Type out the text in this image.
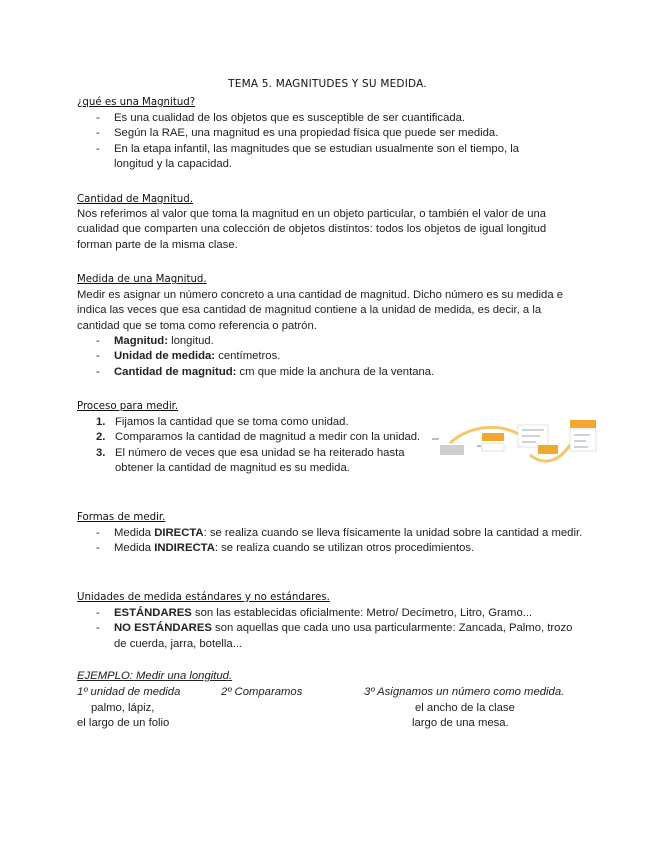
TEMA 5. MAGNITUDES Y SU MEDIDA.
¿qué es una Magnitud?
- Es una cualidad de los objetos que es susceptible de ser cuantificada.
- Según la RAE, una magnitud es una propiedad física que puede ser medida.
- En la etapa infantil, las magnitudes que se estudian usualmente son el tiempo, la longitud y la capacidad.
Cantidad de Magnitud.
Nos referimos al valor que toma la magnitud en un objeto particular, o también el valor de una cualidad que comparten una colección de objetos distintos: todos los objetos de igual longitud forman parte de la misma clase.
Medida de una Magnitud.
Medir es asignar un número concreto a una cantidad de magnitud. Dicho número es su medida e indica las veces que esa cantidad de magnitud contiene a la unidad de medida, es decir, a la cantidad que se toma como referencia o patrón.
- Magnitud: longitud.
- Unidad de medida: centímetros.
- Cantidad de magnitud: cm que mide la anchura de la ventana.
Proceso para medir.
1. Fijamos la cantidad que se toma como unidad.
2. Comparamos la cantidad de magnitud a medir con la unidad.
3. El número de veces que esa unidad se ha reiterado hasta obtener la cantidad de magnitud es su medida.
Formas de medir.
- Medida DIRECTA: se realiza cuando se lleva físicamente la unidad sobre la cantidad a medir.
- Medida INDIRECTA: se realiza cuando se utilizan otros procedimientos.
Unidades de medida estándares y no estándares.
- ESTÁNDARES son las establecidas oficialmente: Metro/ Decímetro, Litro, Gramo...
- NO ESTÁNDARES son aquellas que cada uno usa particularmente: Zancada, Palmo, trozo de cuerda, jarra, botella...
EJEMPLO: Medir una longitud.
1º unidad de medida	2º Comparamos	3º Asignamos un número como medida.
palmo, lápiz,
el largo de un folio
el ancho de la clase
largo de una mesa.
